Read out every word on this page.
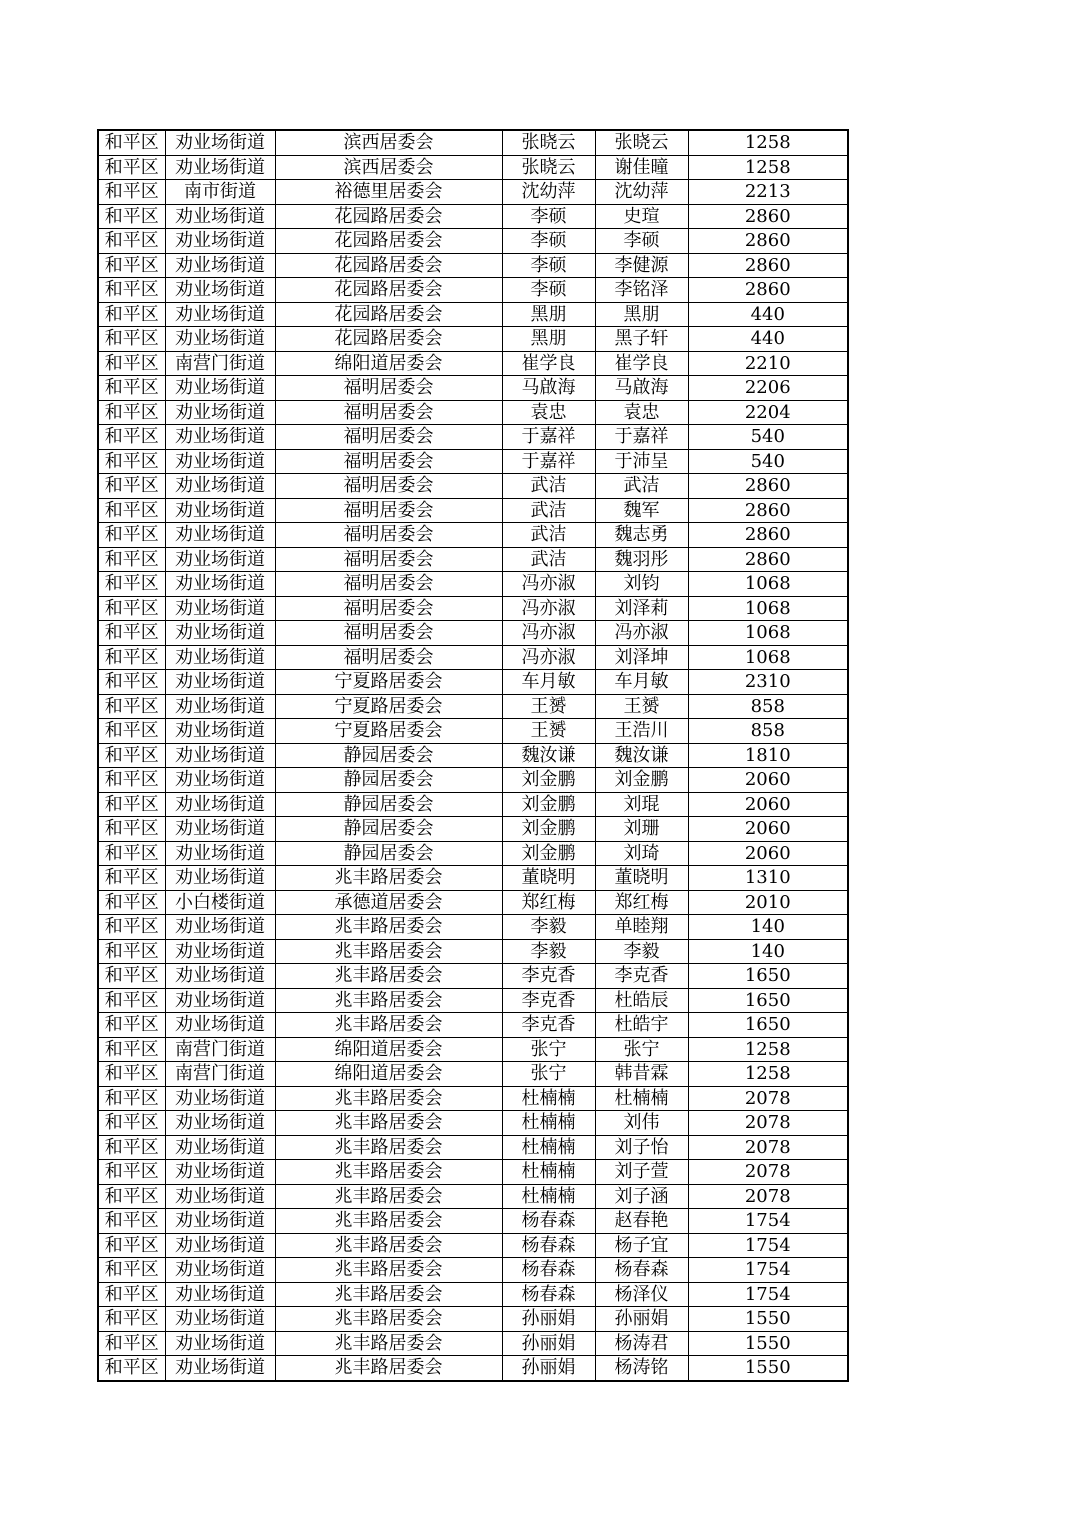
和平区	劝业场街道	滨西居委会	张晓云	张晓云	1258
和平区	劝业场街道	滨西居委会	张晓云	谢佳曈	1258
和平区	南市街道	裕德里居委会	沈幼萍	沈幼萍	2213
和平区	劝业场街道	花园路居委会	李硕	史瑄	2860
和平区	劝业场街道	花园路居委会	李硕	李硕	2860
和平区	劝业场街道	花园路居委会	李硕	李健源	2860
和平区	劝业场街道	花园路居委会	李硕	李铭泽	2860
和平区	劝业场街道	花园路居委会	黑朋	黑朋	440
和平区	劝业场街道	花园路居委会	黑朋	黑子轩	440
和平区	南营门街道	绵阳道居委会	崔学良	崔学良	2210
和平区	劝业场街道	福明居委会	马啟海	马啟海	2206
和平区	劝业场街道	福明居委会	袁忠	袁忠	2204
和平区	劝业场街道	福明居委会	于嘉祥	于嘉祥	540
和平区	劝业场街道	福明居委会	于嘉祥	于沛呈	540
和平区	劝业场街道	福明居委会	武洁	武洁	2860
和平区	劝业场街道	福明居委会	武洁	魏军	2860
和平区	劝业场街道	福明居委会	武洁	魏志勇	2860
和平区	劝业场街道	福明居委会	武洁	魏羽彤	2860
和平区	劝业场街道	福明居委会	冯亦淑	刘钧	1068
和平区	劝业场街道	福明居委会	冯亦淑	刘泽莉	1068
和平区	劝业场街道	福明居委会	冯亦淑	冯亦淑	1068
和平区	劝业场街道	福明居委会	冯亦淑	刘泽坤	1068
和平区	劝业场街道	宁夏路居委会	车月敏	车月敏	2310
和平区	劝业场街道	宁夏路居委会	王赟	王赟	858
和平区	劝业场街道	宁夏路居委会	王赟	王浩川	858
和平区	劝业场街道	静园居委会	魏汝谦	魏汝谦	1810
和平区	劝业场街道	静园居委会	刘金鹏	刘金鹏	2060
和平区	劝业场街道	静园居委会	刘金鹏	刘琨	2060
和平区	劝业场街道	静园居委会	刘金鹏	刘珊	2060
和平区	劝业场街道	静园居委会	刘金鹏	刘琦	2060
和平区	劝业场街道	兆丰路居委会	董晓明	董晓明	1310
和平区	小白楼街道	承德道居委会	郑红梅	郑红梅	2010
和平区	劝业场街道	兆丰路居委会	李毅	单睦翔	140
和平区	劝业场街道	兆丰路居委会	李毅	李毅	140
和平区	劝业场街道	兆丰路居委会	李克香	李克香	1650
和平区	劝业场街道	兆丰路居委会	李克香	杜皓辰	1650
和平区	劝业场街道	兆丰路居委会	李克香	杜皓宇	1650
和平区	南营门街道	绵阳道居委会	张宁	张宁	1258
和平区	南营门街道	绵阳道居委会	张宁	韩昔霖	1258
和平区	劝业场街道	兆丰路居委会	杜楠楠	杜楠楠	2078
和平区	劝业场街道	兆丰路居委会	杜楠楠	刘伟	2078
和平区	劝业场街道	兆丰路居委会	杜楠楠	刘子怡	2078
和平区	劝业场街道	兆丰路居委会	杜楠楠	刘子萱	2078
和平区	劝业场街道	兆丰路居委会	杜楠楠	刘子涵	2078
和平区	劝业场街道	兆丰路居委会	杨春森	赵春艳	1754
和平区	劝业场街道	兆丰路居委会	杨春森	杨子宜	1754
和平区	劝业场街道	兆丰路居委会	杨春森	杨春森	1754
和平区	劝业场街道	兆丰路居委会	杨春森	杨泽仪	1754
和平区	劝业场街道	兆丰路居委会	孙丽娟	孙丽娟	1550
和平区	劝业场街道	兆丰路居委会	孙丽娟	杨涛君	1550
和平区	劝业场街道	兆丰路居委会	孙丽娟	杨涛铭	1550
